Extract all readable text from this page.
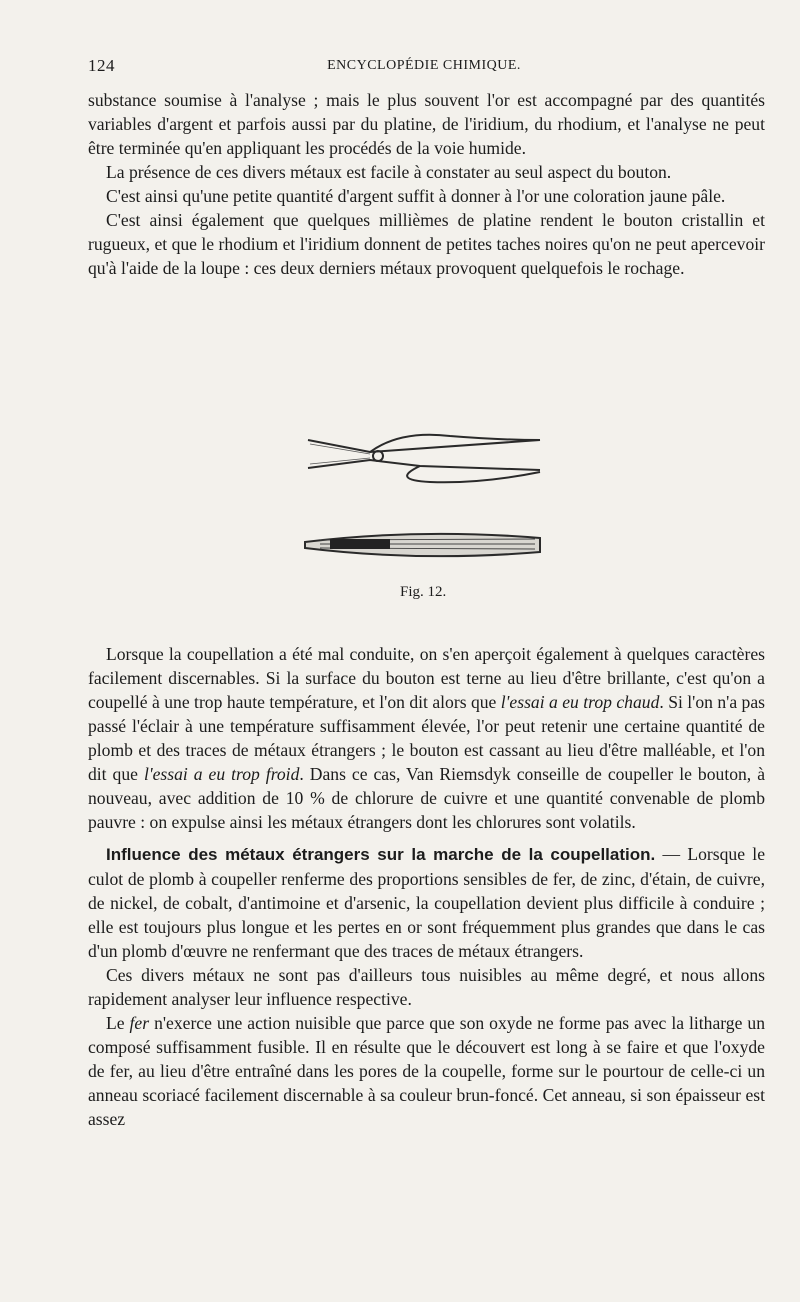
124	ENCYCLOPÉDIE CHIMIQUE.

substance soumise à l'analyse ; mais le plus souvent l'or est accompagné par des quantités variables d'argent et parfois aussi par du platine, de l'iridium, du rhodium, et l'analyse ne peut être terminée qu'en appliquant les procédés de la voie humide.

La présence de ces divers métaux est facile à constater au seul aspect du bouton.

C'est ainsi qu'une petite quantité d'argent suffit à donner à l'or une coloration jaune pâle.

C'est ainsi également que quelques millièmes de platine rendent le bouton cristallin et rugueux, et que le rhodium et l'iridium donnent de petites taches noires qu'on ne peut apercevoir qu'à l'aide de la loupe : ces deux derniers métaux provoquent quelquefois le rochage.

Fig. 12.

Lorsque la coupellation a été mal conduite, on s'en aperçoit également à quelques caractères facilement discernables. Si la surface du bouton est terne au lieu d'être brillante, c'est qu'on a coupellé à une trop haute température, et l'on dit alors que l'essai a eu trop chaud. Si l'on n'a pas passé l'éclair à une température suffisamment élevée, l'or peut retenir une certaine quantité de plomb et des traces de métaux étrangers ; le bouton est cassant au lieu d'être malléable, et l'on dit que l'essai a eu trop froid. Dans ce cas, Van Riemsdyk conseille de coupeller le bouton, à nouveau, avec addition de 10 % de chlorure de cuivre et une quantité convenable de plomb pauvre : on expulse ainsi les métaux étrangers dont les chlorures sont volatils.

Influence des métaux étrangers sur la marche de la coupellation. — Lorsque le culot de plomb à coupeller renferme des proportions sensibles de fer, de zinc, d'étain, de cuivre, de nickel, de cobalt, d'antimoine et d'arsenic, la coupellation devient plus difficile à conduire ; elle est toujours plus longue et les pertes en or sont fréquemment plus grandes que dans le cas d'un plomb d'œuvre ne renfermant que des traces de métaux étrangers.

Ces divers métaux ne sont pas d'ailleurs tous nuisibles au même degré, et nous allons rapidement analyser leur influence respective.

Le fer n'exerce une action nuisible que parce que son oxyde ne forme pas avec la litharge un composé suffisamment fusible. Il en résulte que le découvert est long à se faire et que l'oxyde de fer, au lieu d'être entraîné dans les pores de la coupelle, forme sur le pourtour de celle-ci un anneau scoriacé facilement discernable à sa couleur brun-foncé. Cet anneau, si son épaisseur est assez
